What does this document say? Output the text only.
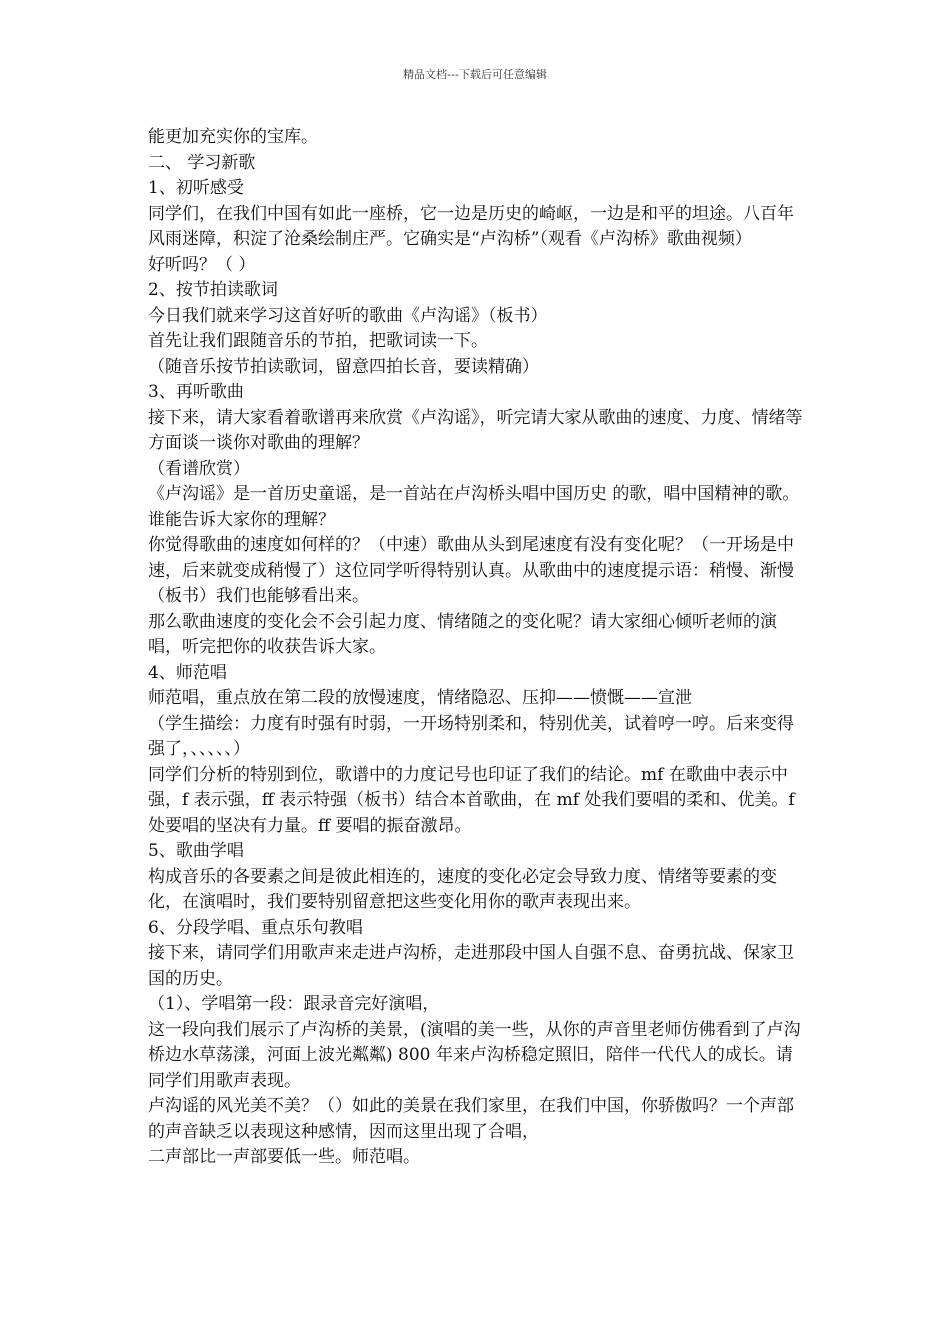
精品文档---下载后可任意编辑

能更加充实你的宝库。

二、 学习新歌

1、初听感受

同学们，在我们中国有如此一座桥，它一边是历史的崎岖，一边是和平的坦途。八百年风雨迷障，积淀了沧桑绘制庄严。它确实是“卢沟桥”（观看《卢沟桥》歌曲视频）

好听吗？（ ）

2、按节拍读歌词

今日我们就来学习这首好听的歌曲《卢沟谣》（板书）

首先让我们跟随音乐的节拍，把歌词读一下。

（随音乐按节拍读歌词，留意四拍长音，要读精确）

3、再听歌曲

接下来，请大家看着歌谱再来欣赏《卢沟谣》，听完请大家从歌曲的速度、力度、情绪等方面谈一谈你对歌曲的理解？

（看谱欣赏）

《卢沟谣》是一首历史童谣，是一首站在卢沟桥头唱中国历史 的歌，唱中国精神的歌。

谁能告诉大家你的理解？

你觉得歌曲的速度如何样的？（中速）歌曲从头到尾速度有没有变化呢？（一开场是中速，后来就变成稍慢了）这位同学听得特别认真。从歌曲中的速度提示语：稍慢、渐慢（板书）我们也能够看出来。

那么歌曲速度的变化会不会引起力度、情绪随之的变化呢？请大家细心倾听老师的演唱，听完把你的收获告诉大家。

4、师范唱

师范唱，重点放在第二段的放慢速度，情绪隐忍、压抑——愤慨——宣泄

（学生描绘：力度有时强有时弱，一开场特别柔和，特别优美，试着哼一哼。后来变得强了，、、、、、）

同学们分析的特别到位，歌谱中的力度记号也印证了我们的结论。mf 在歌曲中表示中强，f 表示强，ff 表示特强（板书）结合本首歌曲，在 mf 处我们要唱的柔和、优美。f 处要唱的坚决有力量。ff 要唱的振奋激昂。

5、歌曲学唱

构成音乐的各要素之间是彼此相连的，速度的变化必定会导致力度、情绪等要素的变化，在演唱时，我们要特别留意把这些变化用你的歌声表现出来。

6、分段学唱、重点乐句教唱

接下来，请同学们用歌声来走进卢沟桥，走进那段中国人自强不息、奋勇抗战、保家卫国的历史。

（1）、学唱第一段：跟录音完好演唱，

这一段向我们展示了卢沟桥的美景，(演唱的美一些，从你的声音里老师仿佛看到了卢沟桥边水草荡漾，河面上波光粼粼) 800 年来卢沟桥稳定照旧，陪伴一代代人的成长。请同学们用歌声表现。

卢沟谣的风光美不美？（）如此的美景在我们家里，在我们中国，你骄傲吗？一个声部的声音缺乏以表现这种感情，因而这里出现了合唱，

二声部比一声部要低一些。师范唱。
